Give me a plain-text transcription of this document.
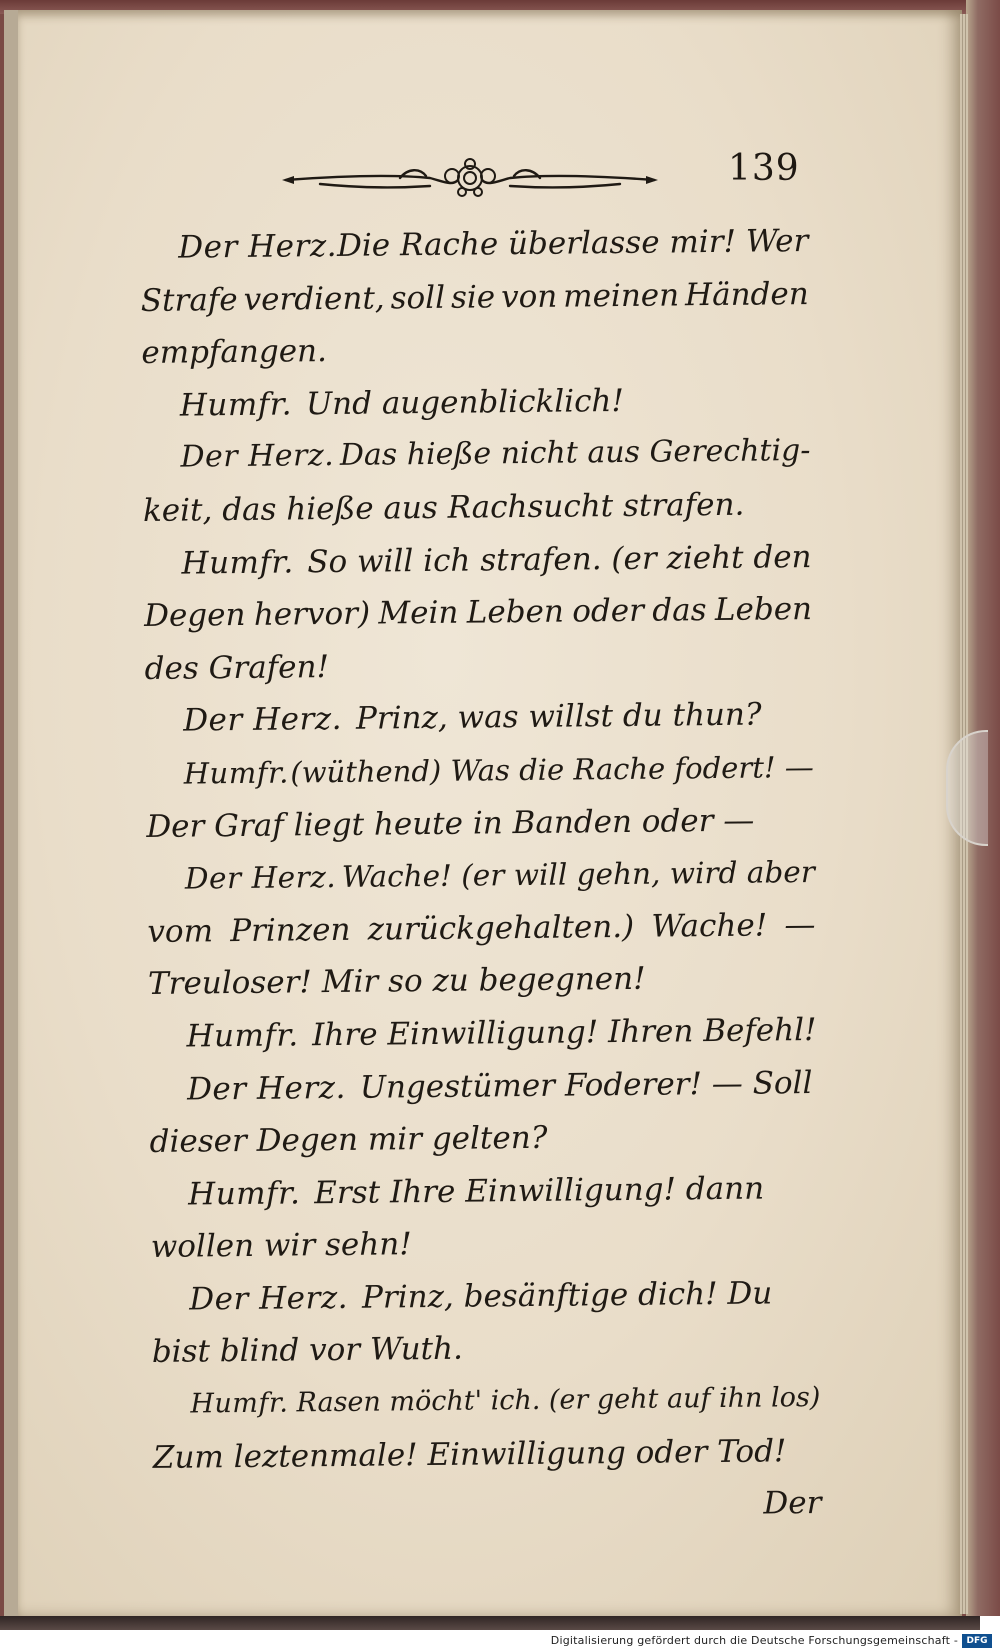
139
Der Herz. Die Rache überlasse mir! Wer
Strafe verdient, soll sie von meinen Händen
empfangen.
Humfr. Und augenblicklich!
Der Herz. Das hieße nicht aus Gerechtig-
keit, das hieße aus Rachsucht strafen.
Humfr. So will ich strafen. (er zieht den
Degen hervor) Mein Leben oder das Leben
des Grafen!
Der Herz. Prinz, was willst du thun?
Humfr. (wüthend) Was die Rache fodert! —
Der Graf liegt heute in Banden oder —
Der Herz. Wache! (er will gehn, wird aber
vom Prinzen zurückgehalten.) Wache! —
Treuloser! Mir so zu begegnen!
Humfr. Ihre Einwilligung! Ihren Befehl!
Der Herz. Ungestümer Foderer! — Soll
dieser Degen mir gelten?
Humfr. Erst Ihre Einwilligung! dann
wollen wir sehn!
Der Herz. Prinz, besänftige dich! Du
bist blind vor Wuth.
Humfr. Rasen möcht' ich. (er geht auf ihn los)
Zum leztenmale! Einwilligung oder Tod!
Der
Digitalisierung gefördert durch die Deutsche Forschungsgemeinschaft - DFG
